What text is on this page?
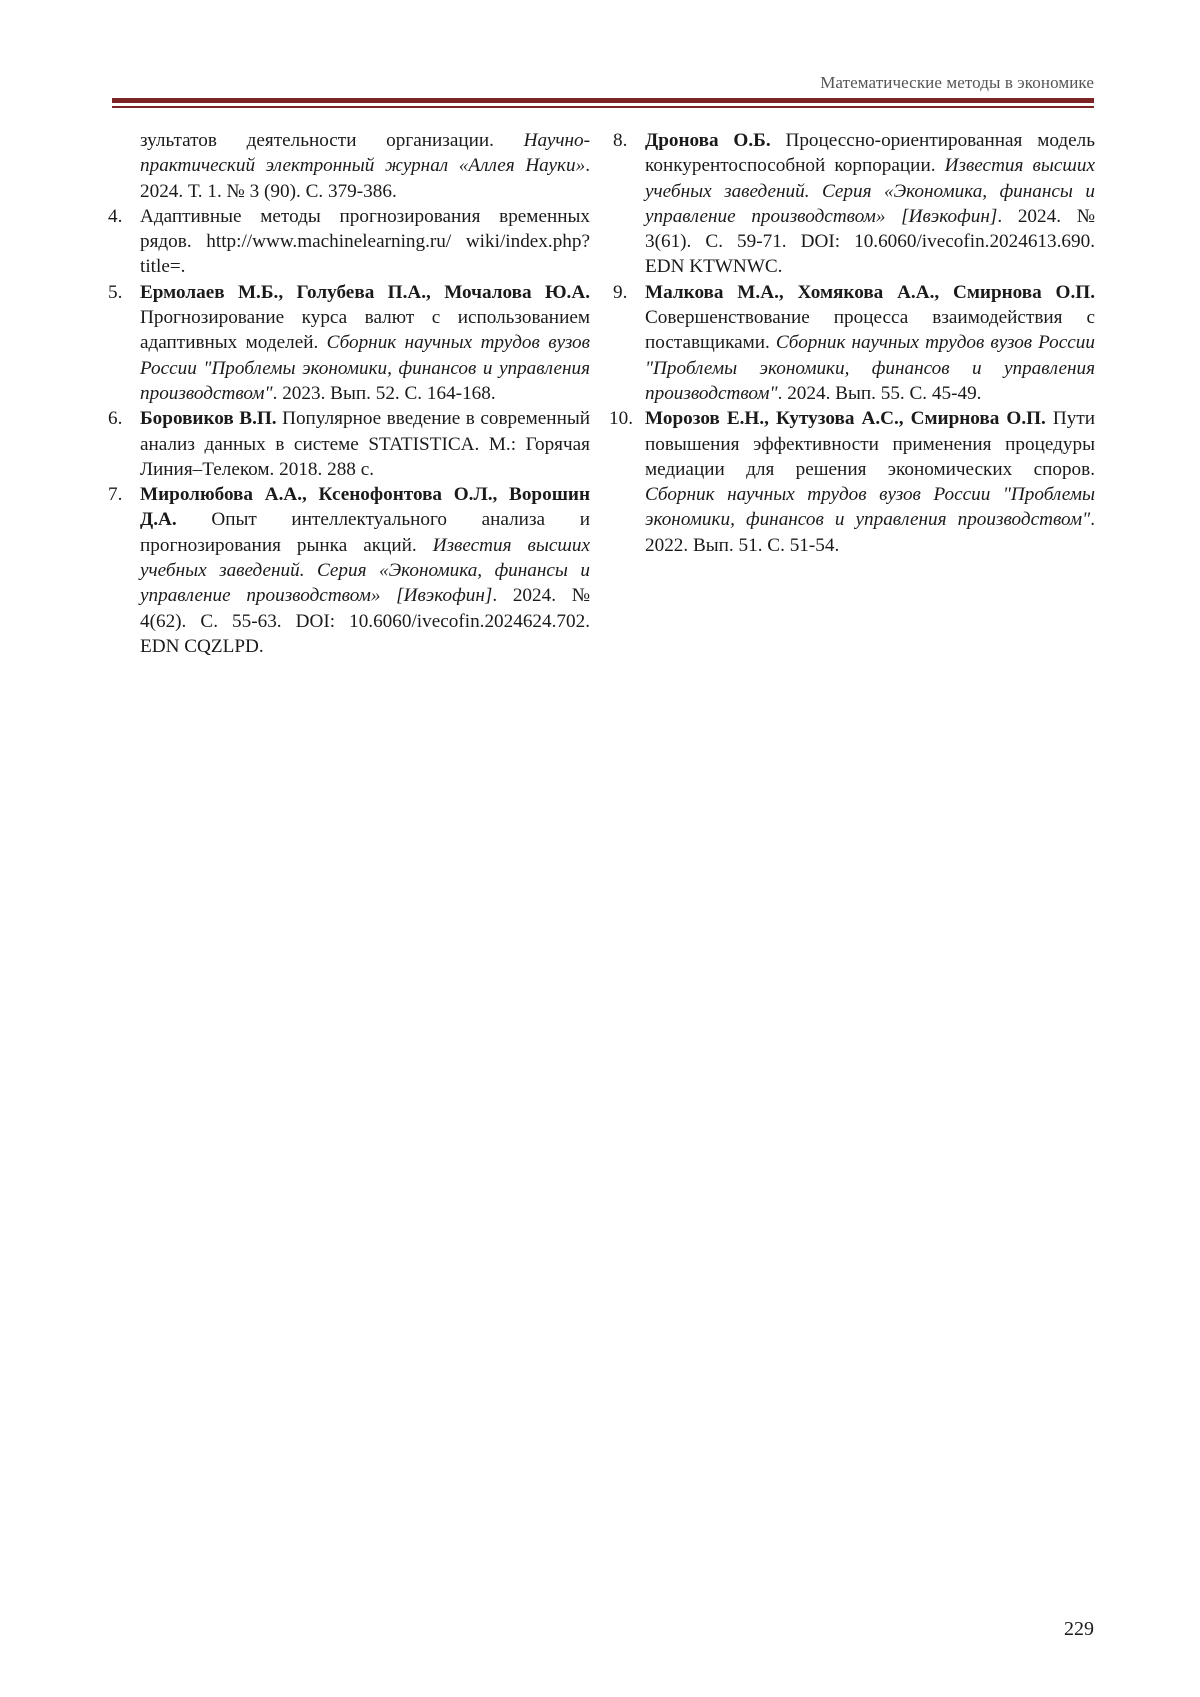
Математические методы в экономике

зультатов деятельности организации. Научно-практический электронный журнал «Аллея Науки». 2024. Т. 1. № 3 (90). С. 379-386.

4. Адаптивные методы прогнозирования временных рядов. http://www.machinelearning.ru/ wiki/index.php?title=.

5. Ермолаев М.Б., Голубева П.А., Мочалова Ю.А. Прогнозирование курса валют с использованием адаптивных моделей. Сборник научных трудов вузов России "Проблемы экономики, финансов и управления производством". 2023. Вып. 52. С. 164-168.

6. Боровиков В.П. Популярное введение в современный анализ данных в системе STATISTICA. М.: Горячая Линия–Телеком. 2018. 288 с.

7. Миролюбова А.А., Ксенофонтова О.Л., Ворошин Д.А. Опыт интеллектуального анализа и прогнозирования рынка акций. Известия высших учебных заведений. Серия «Экономика, финансы и управление производством» [Ивэкофин]. 2024. № 4(62). С. 55-63. DOI: 10.6060/ivecofin.2024624.702. EDN CQZLPD.

8. Дронова О.Б. Процессно-ориентированная модель конкурентоспособной корпорации. Известия высших учебных заведений. Серия «Экономика, финансы и управление производством» [Ивэкофин]. 2024. № 3(61). С. 59-71. DOI: 10.6060/ivecofin.2024613.690. EDN KTWNWC.

9. Малкова М.А., Хомякова А.А., Смирнова О.П. Совершенствование процесса взаимодействия с поставщиками. Сборник научных трудов вузов России "Проблемы экономики, финансов и управления производством". 2024. Вып. 55. С. 45-49.

10. Морозов Е.Н., Кутузова А.С., Смирнова О.П. Пути повышения эффективности применения процедуры медиации для решения экономических споров. Сборник научных трудов вузов России "Проблемы экономики, финансов и управления производством". 2022. Вып. 51. С. 51-54.

229
